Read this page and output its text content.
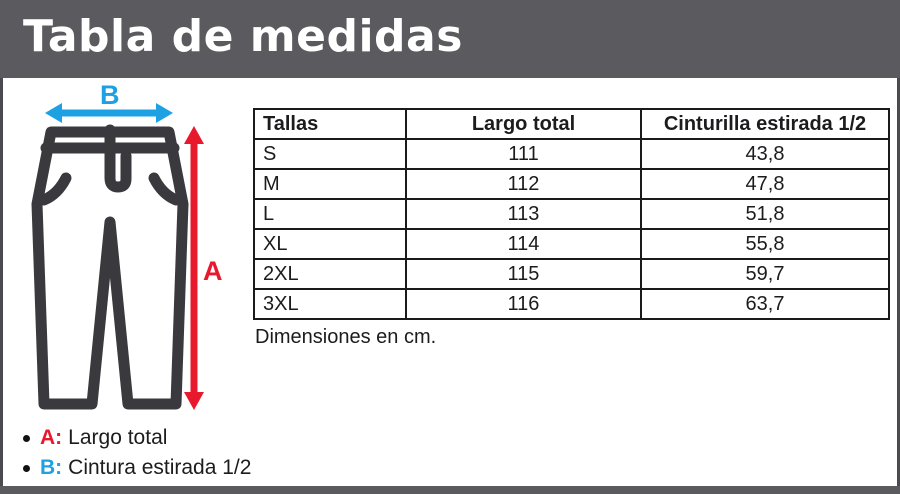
Tabla de medidas
B
A
Tallas	Largo total	Cinturilla estirada 1/2
S	111	43,8
M	112	47,8
L	113	51,8
XL	114	55,8
2XL	115	59,7
3XL	116	63,7

Dimensiones en cm.

A: Largo total
B: Cintura estirada 1/2
